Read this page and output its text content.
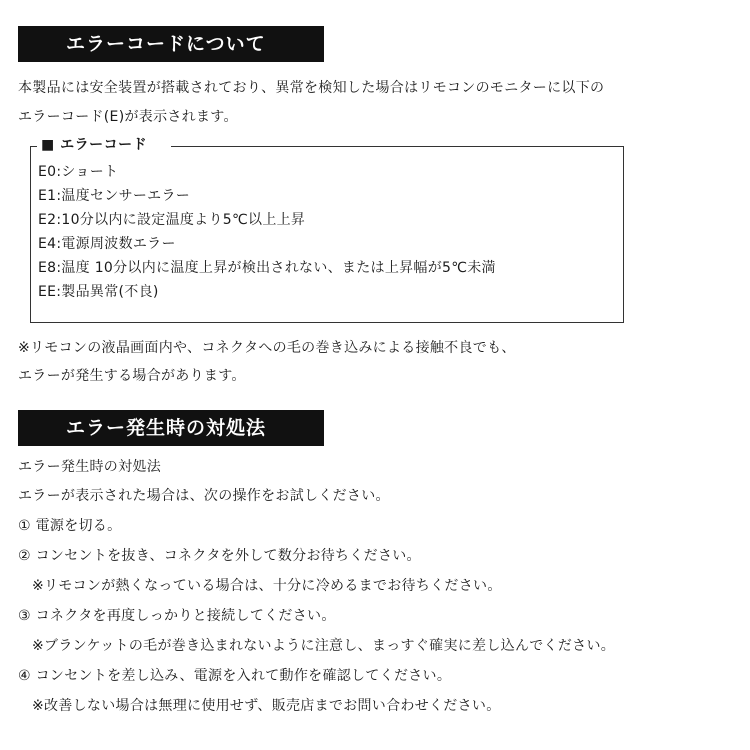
エラーコードについて
本製品には安全装置が搭載されており、異常を検知した場合はリモコンのモニターに以下の
エラーコード(E)が表示されます。
■ エラーコード
E0:ショート
E1:温度センサーエラー
E2:10分以内に設定温度より5℃以上上昇
E4:電源周波数エラー
E8:温度 10分以内に温度上昇が検出されない、または上昇幅が5℃未満
EE:製品異常(不良)
※リモコンの液晶画面内や、コネクタへの毛の巻き込みによる接触不良でも、
エラーが発生する場合があります。
エラー発生時の対処法
エラー発生時の対処法
エラーが表示された場合は、次の操作をお試しください。
① 電源を切る。
② コンセントを抜き、コネクタを外して数分お待ちください。
※リモコンが熱くなっている場合は、十分に冷めるまでお待ちください。
③ コネクタを再度しっかりと接続してください。
※ブランケットの毛が巻き込まれないように注意し、まっすぐ確実に差し込んでください。
④ コンセントを差し込み、電源を入れて動作を確認してください。
※改善しない場合は無理に使用せず、販売店までお問い合わせください。
